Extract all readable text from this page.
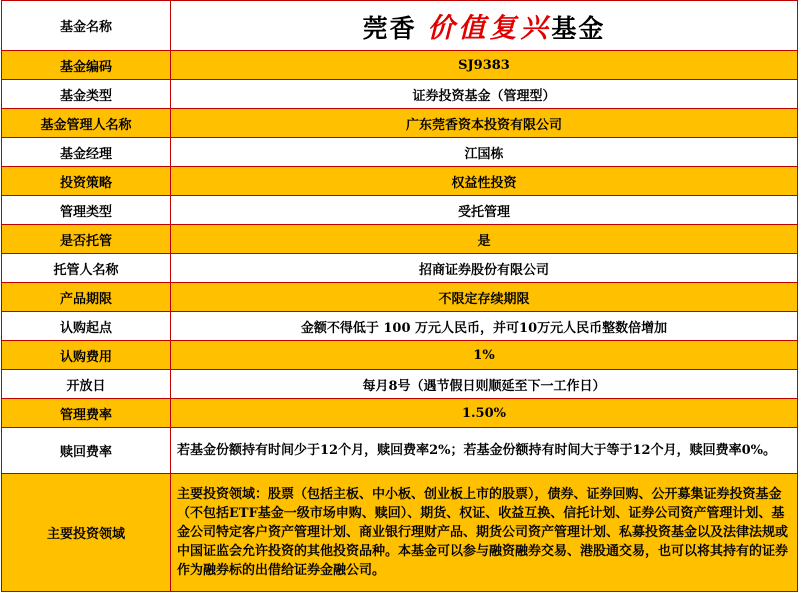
基金名称	莞香 价值复兴基金
基金编码	SJ9383
基金类型	证券投资基金（管理型）
基金管理人名称	广东莞香资本投资有限公司
基金经理	江国栋
投资策略	权益性投资
管理类型	受托管理
是否托管	是
托管人名称	招商证券股份有限公司
产品期限	不限定存续期限
认购起点	金额不得低于 100 万元人民币，并可10万元人民币整数倍增加
认购费用	1%
开放日	每月8号（遇节假日则顺延至下一工作日）
管理费率	1.50%
赎回费率	若基金份额持有时间少于12个月，赎回费率2%；若基金份额持有时间大于等于12个月，赎回费率0%。
主要投资领域	主要投资领域：股票（包括主板、中小板、创业板上市的股票），债券、证券回购、公开募集证券投资基金（不包括ETF基金一级市场申购、赎回）、期货、权证、收益互换、信托计划、证券公司资产管理计划、基金公司特定客户资产管理计划、商业银行理财产品、期货公司资产管理计划、私募投资基金以及法律法规或中国证监会允许投资的其他投资品种。本基金可以参与融资融券交易、港股通交易，也可以将其持有的证券作为融券标的出借给证券金融公司。
